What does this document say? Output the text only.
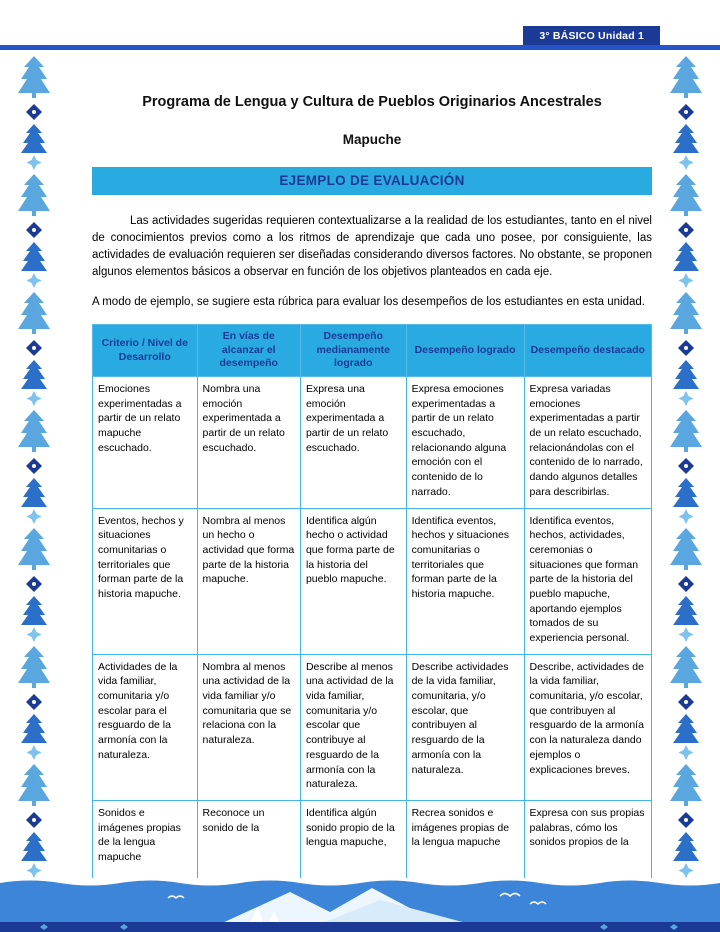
3° BÁSICO Unidad 1
Programa de Lengua y Cultura de Pueblos Originarios Ancestrales
Mapuche
EJEMPLO DE EVALUACIÓN

Las actividades sugeridas requieren contextualizarse a la realidad de los estudiantes, tanto en el nivel de conocimientos previos como a los ritmos de aprendizaje que cada uno posee, por consiguiente, las actividades de evaluación requieren ser diseñadas considerando diversos factores. No obstante, se proponen algunos elementos básicos a observar en función de los objetivos planteados en cada eje.

A modo de ejemplo, se sugiere esta rúbrica para evaluar los desempeños de los estudiantes en esta unidad.

Criterio / Nivel de Desarrollo	En vías de alcanzar el desempeño	Desempeño medianamente logrado	Desempeño logrado	Desempeño destacado
Emociones experimentadas a partir de un relato mapuche escuchado.	Nombra una emoción experimentada a partir de un relato escuchado.	Expresa una emoción experimentada a partir de un relato escuchado.	Expresa emociones experimentadas a partir de un relato escuchado, relacionando alguna emoción con el contenido de lo narrado.	Expresa variadas emociones experimentadas a partir de un relato escuchado, relacionándolas con el contenido de lo narrado, dando algunos detalles para describirlas.
Eventos, hechos y situaciones comunitarias o territoriales que forman parte de la historia mapuche.	Nombra al menos un hecho o actividad que forma parte de la historia mapuche.	Identifica algún hecho o actividad que forma parte de la historia del pueblo mapuche.	Identifica eventos, hechos y situaciones comunitarias o territoriales que forman parte de la historia mapuche.	Identifica eventos, hechos, actividades, ceremonias o situaciones que forman parte de la historia del pueblo mapuche, aportando ejemplos tomados de su experiencia personal.
Actividades de la vida familiar, comunitaria y/o escolar para el resguardo de la armonía con la naturaleza.	Nombra al menos una actividad de la vida familiar y/o comunitaria que se relaciona con la naturaleza.	Describe al menos una actividad de la vida familiar, comunitaria y/o escolar que contribuye al resguardo de la armonía con la naturaleza.	Describe actividades de la vida familiar, comunitaria, y/o escolar, que contribuyen al resguardo de la armonía con la naturaleza.	Describe, actividades de la vida familiar, comunitaria, y/o escolar, que contribuyen al resguardo de la armonía con la naturaleza dando ejemplos o explicaciones breves.
Sonidos e imágenes propias de la lengua mapuche	Reconoce un sonido de la	Identifica algún sonido propio de la lengua mapuche,	Recrea sonidos e imágenes propias de la lengua mapuche	Expresa con sus propias palabras, cómo los sonidos propios de la
